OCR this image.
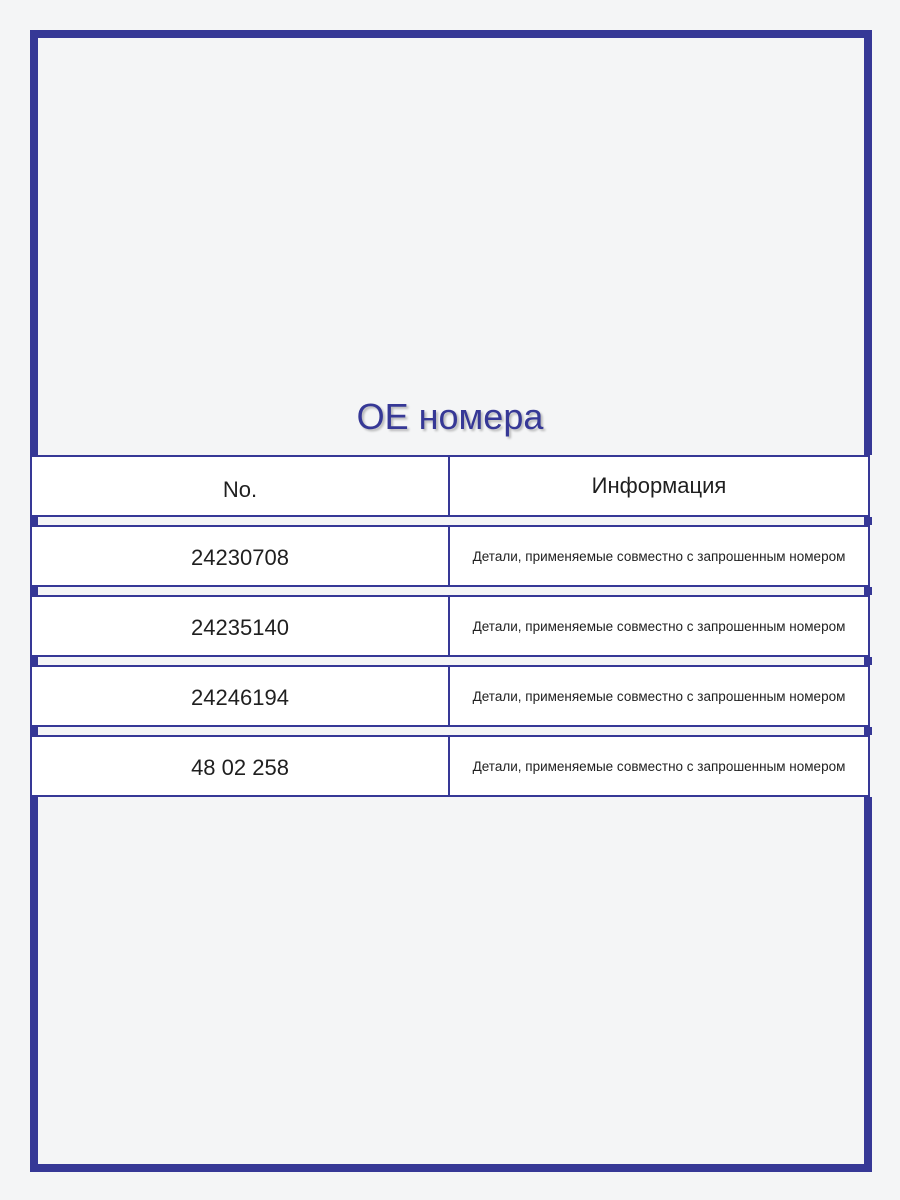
OE номера
No.	Информация
24230708	Детали, применяемые совместно с запрошенным номером
24235140	Детали, применяемые совместно с запрошенным номером
24246194	Детали, применяемые совместно с запрошенным номером
48 02 258	Детали, применяемые совместно с запрошенным номером
